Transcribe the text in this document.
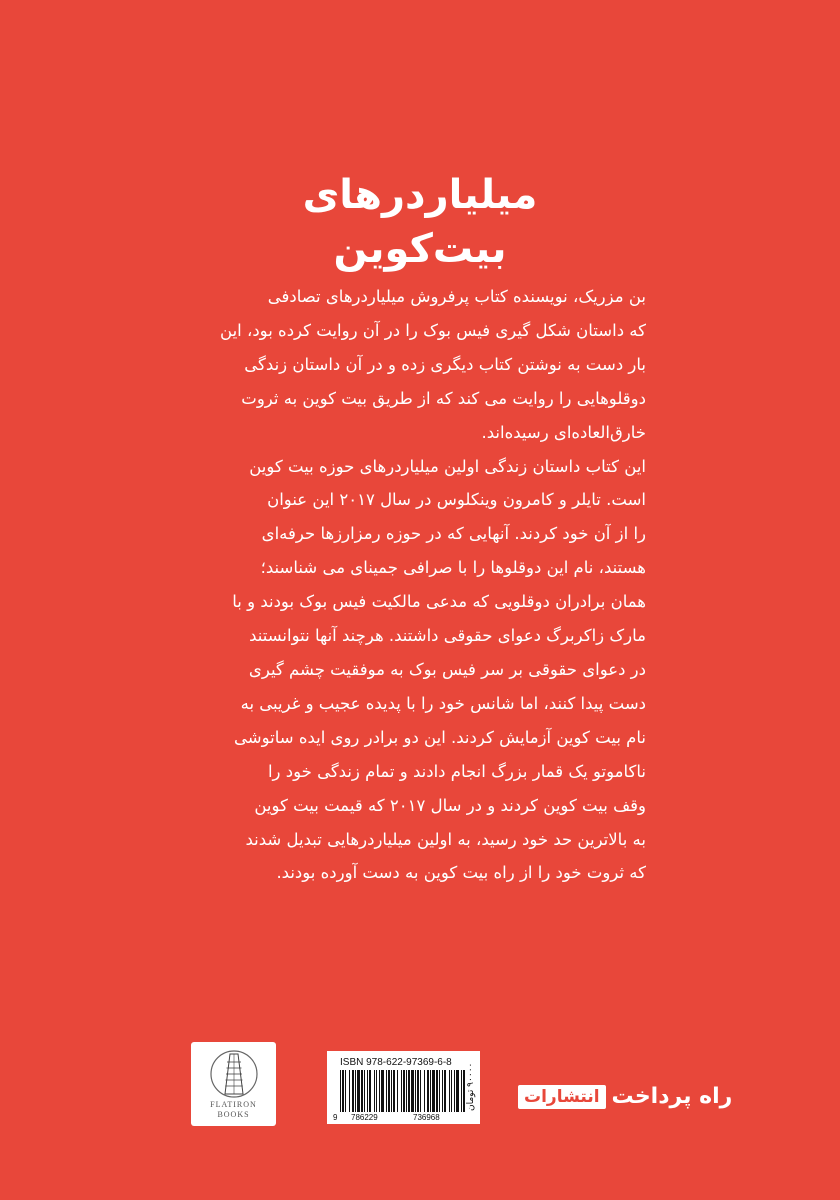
میلیاردرهای
بیت‌کوین
بن مزریک، نویسنده کتاب پرفروش میلیاردرهای تصادفی
که داستان شکل گیری فیس بوک را در آن روایت کرده بود، این
بار دست به نوشتن کتاب دیگری زده و در آن داستان زندگی
دوقلوهایی را روایت می کند که از طریق بیت کوین به ثروت
خارق‌العاده‌ای رسیده‌اند.
این کتاب داستان زندگی اولین میلیاردرهای حوزه بیت کوین
است. تایلر و کامرون وینکلوس در سال ۲۰۱۷ این عنوان
را از آن خود کردند. آنهایی که در حوزه رمزارزها حرفه‌ای
هستند، نام این دوقلوها را با صرافی جمینای می شناسند؛
همان برادران دوقلویی که مدعی مالکیت فیس بوک بودند و با
مارک زاکربرگ دعوای حقوقی داشتند. هرچند آنها نتوانستند
در دعوای حقوقی بر سر فیس بوک به موفقیت چشم گیری
دست پیدا کنند، اما شانس خود را با پدیده عجیب و غریبی به
نام بیت کوین آزمایش کردند. این دو برادر روی ایده ساتوشی
ناکاموتو یک قمار بزرگ انجام دادند و تمام زندگی خود را
وقف بیت کوین کردند و در سال ۲۰۱۷ که قیمت بیت کوین
به بالاترین حد خود رسید، به اولین میلیاردرهایی تبدیل شدند
که ثروت خود را از راه بیت کوین به دست آورده بودند.
FLATIRON
BOOKS
ISBN 978-622-97369-6-8
9 786229	736968
۹۰۰۰۰ تومان
انتشارات راه پرداخت
